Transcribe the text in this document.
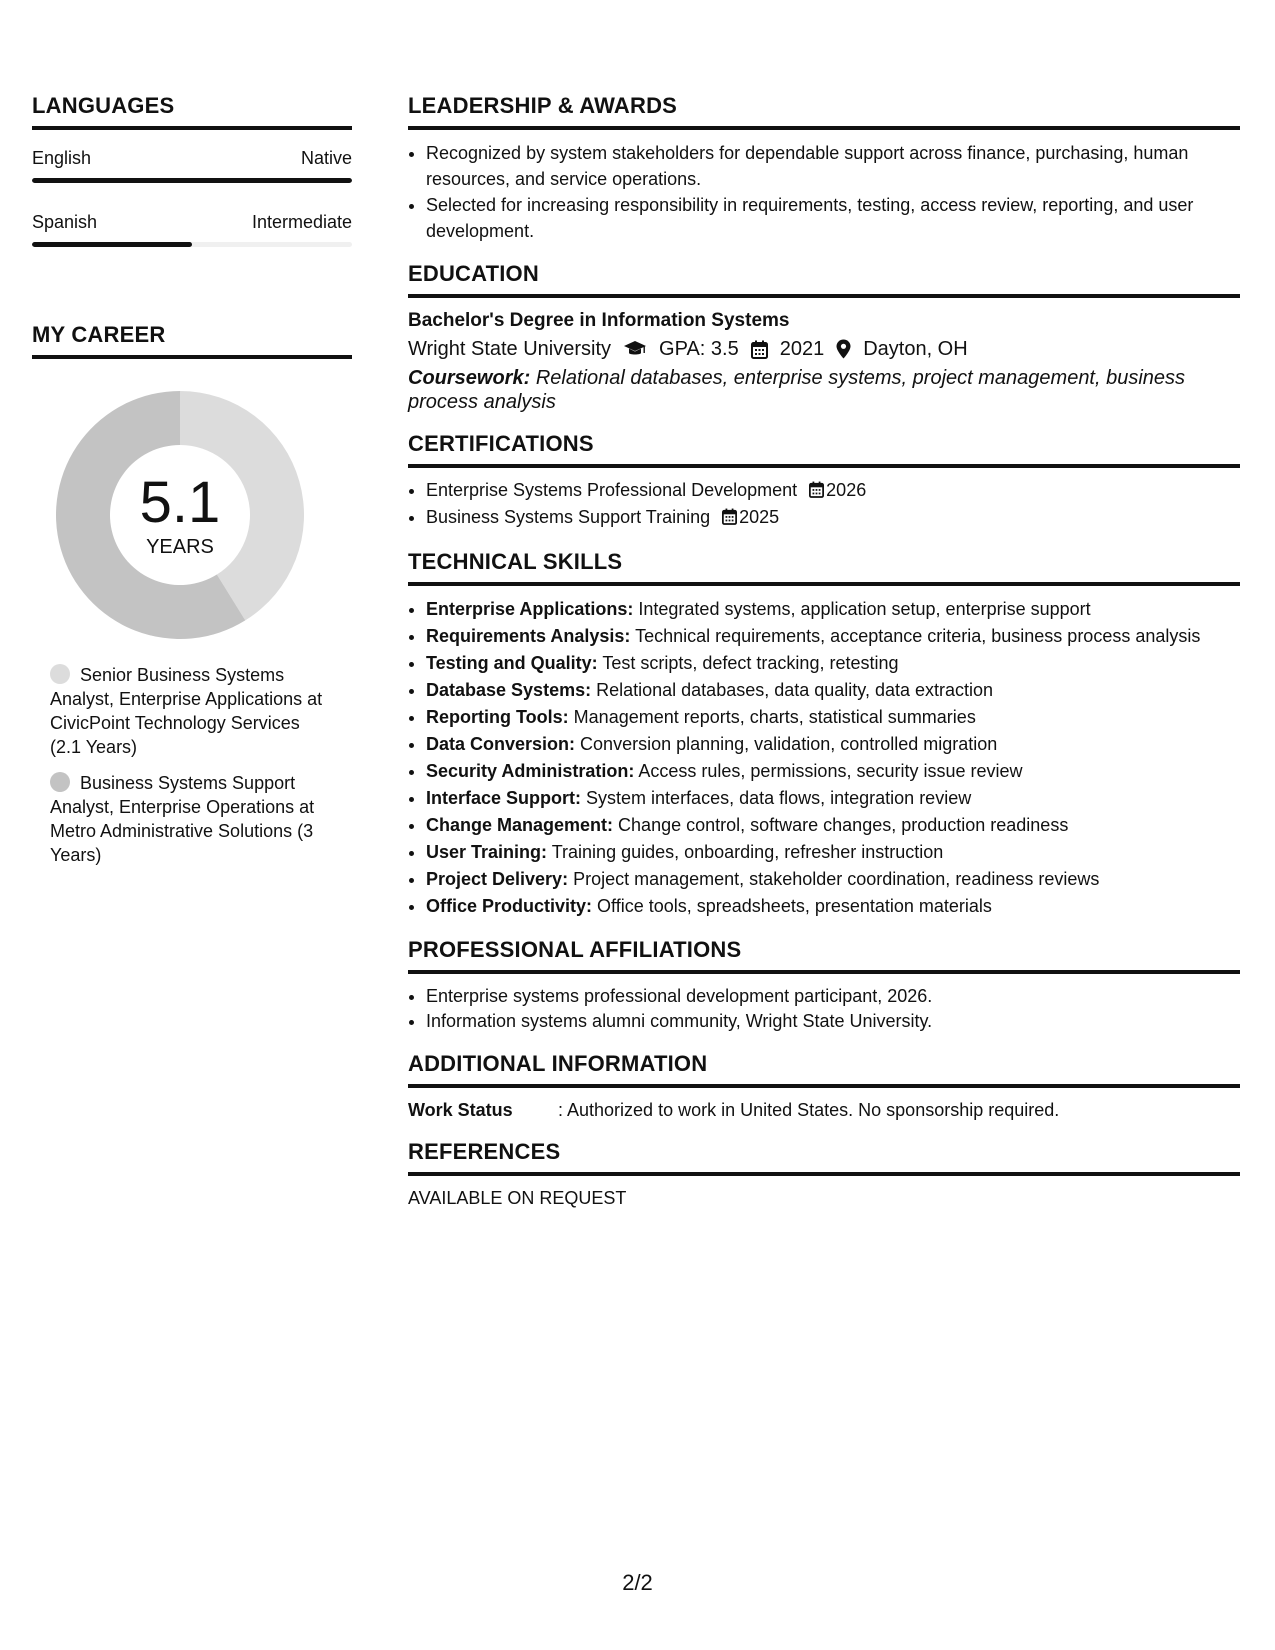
LANGUAGES
English	Native
Spanish	Intermediate
MY CAREER
5.1
YEARS
Senior Business Systems Analyst, Enterprise Applications at CivicPoint Technology Services (2.1 Years)
Business Systems Support Analyst, Enterprise Operations at Metro Administrative Solutions (3 Years)
LEADERSHIP & AWARDS
• Recognized by system stakeholders for dependable support across finance, purchasing, human resources, and service operations.
• Selected for increasing responsibility in requirements, testing, access review, reporting, and user development.
EDUCATION
Bachelor's Degree in Information Systems
Wright State University GPA: 3.5 2021 Dayton, OH
Coursework: Relational databases, enterprise systems, project management, business process analysis
CERTIFICATIONS
• Enterprise Systems Professional Development 2026
• Business Systems Support Training 2025
TECHNICAL SKILLS
• Enterprise Applications: Integrated systems, application setup, enterprise support
• Requirements Analysis: Technical requirements, acceptance criteria, business process analysis
• Testing and Quality: Test scripts, defect tracking, retesting
• Database Systems: Relational databases, data quality, data extraction
• Reporting Tools: Management reports, charts, statistical summaries
• Data Conversion: Conversion planning, validation, controlled migration
• Security Administration: Access rules, permissions, security issue review
• Interface Support: System interfaces, data flows, integration review
• Change Management: Change control, software changes, production readiness
• User Training: Training guides, onboarding, refresher instruction
• Project Delivery: Project management, stakeholder coordination, readiness reviews
• Office Productivity: Office tools, spreadsheets, presentation materials
PROFESSIONAL AFFILIATIONS
• Enterprise systems professional development participant, 2026.
• Information systems alumni community, Wright State University.
ADDITIONAL INFORMATION
Work Status	: Authorized to work in United States. No sponsorship required.
REFERENCES
AVAILABLE ON REQUEST
2/2
